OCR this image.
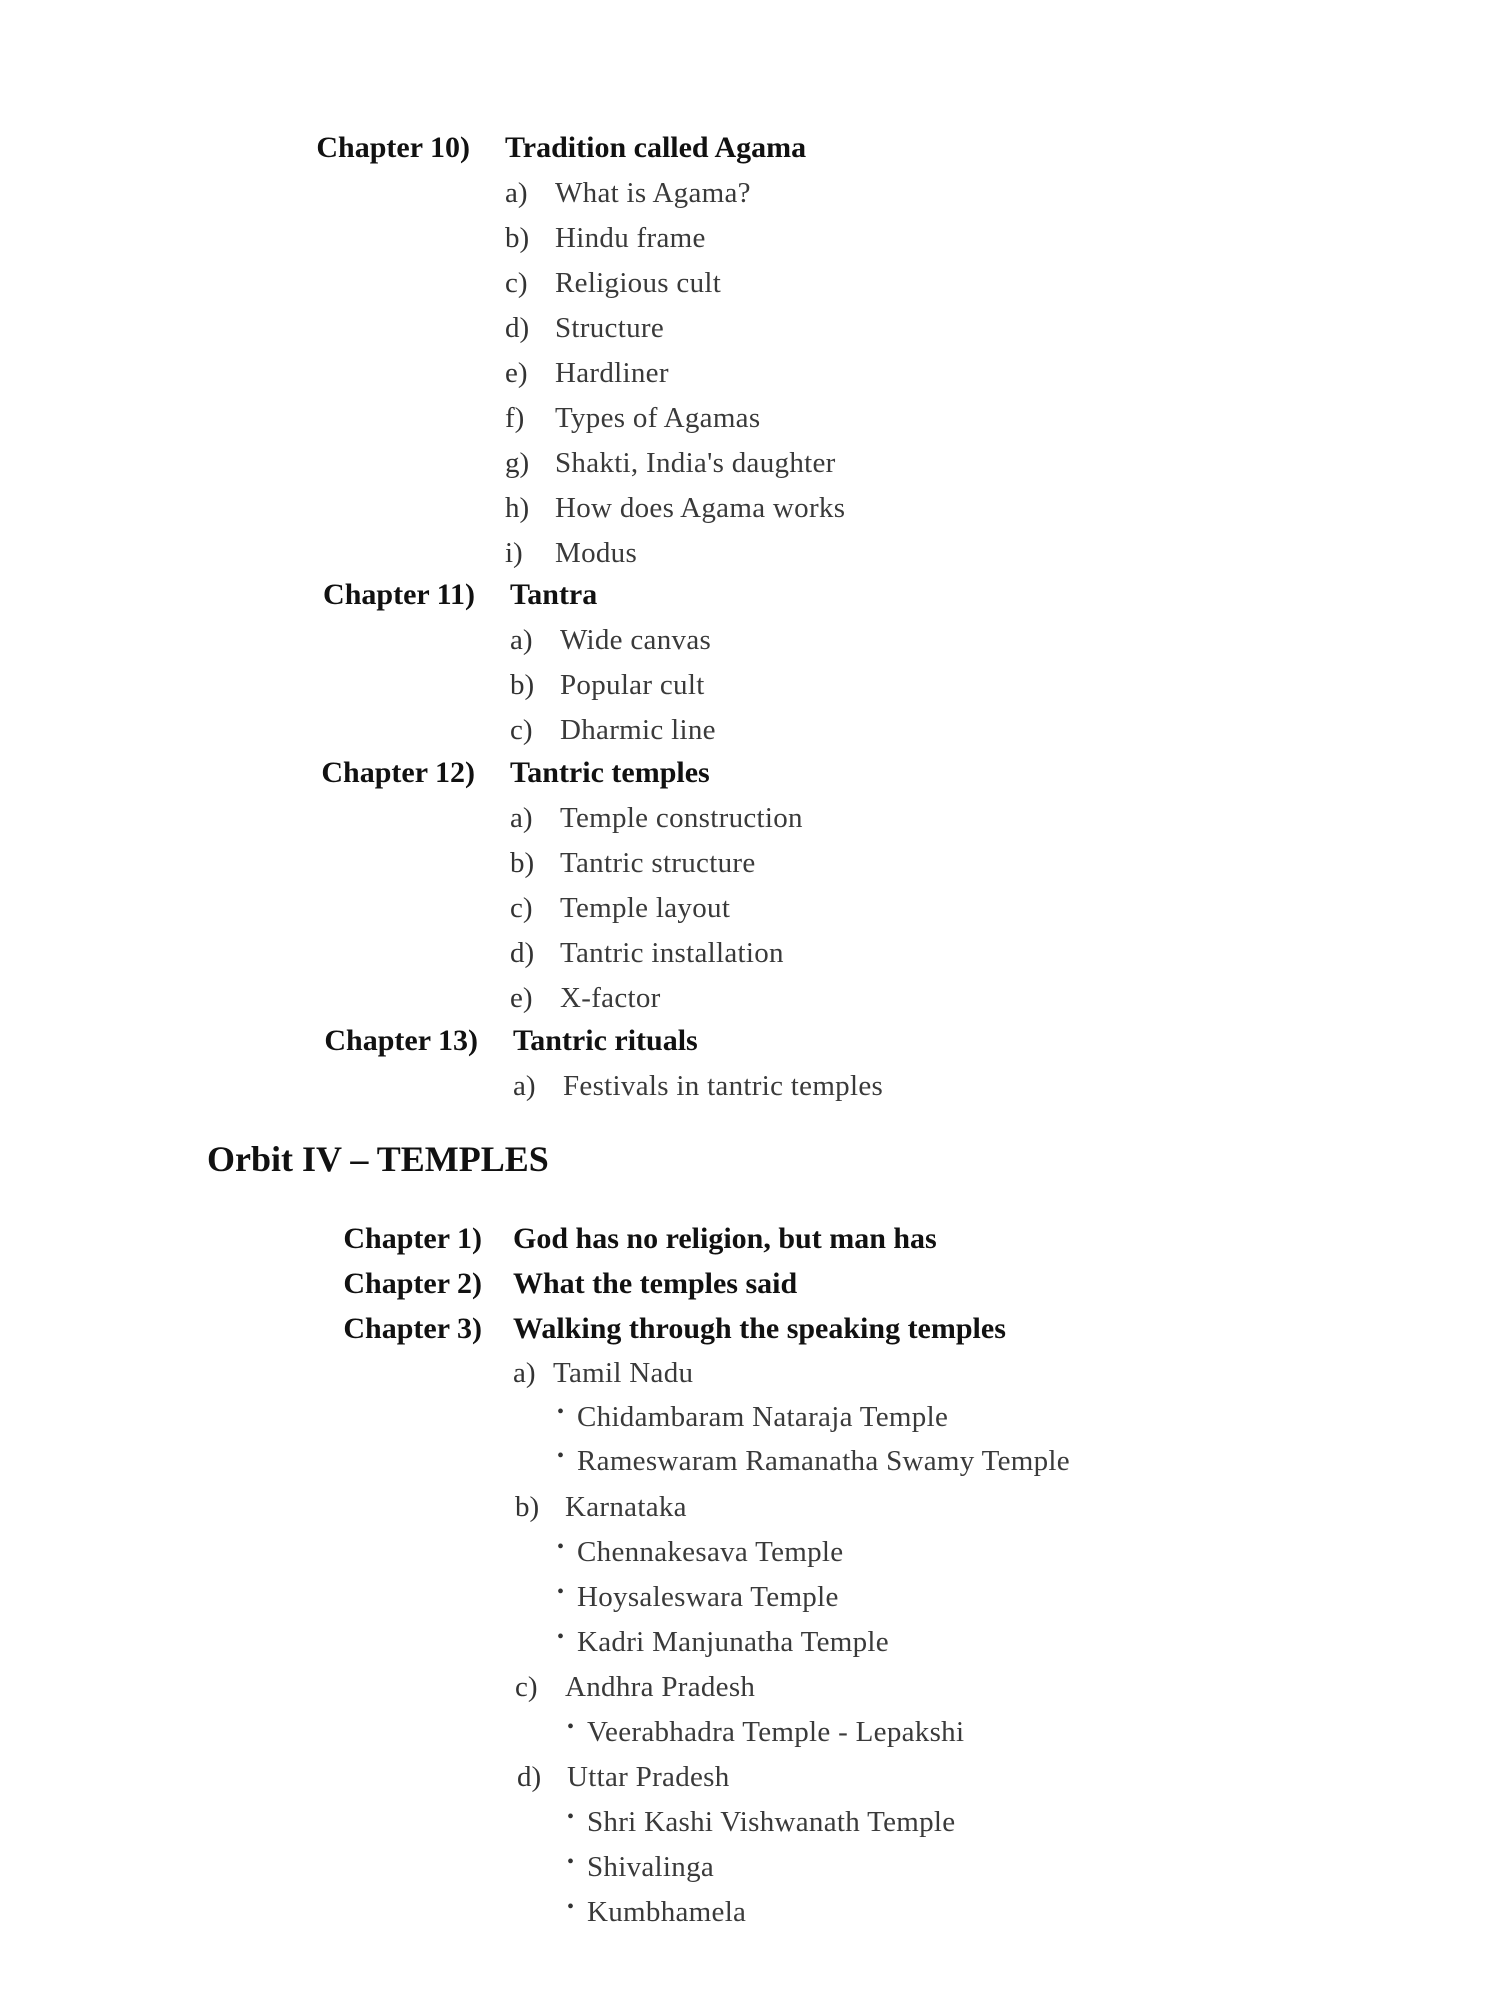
Chapter 10) Tradition called Agama
a) What is Agama?
b) Hindu frame
c) Religious cult
d) Structure
e) Hardliner
f) Types of Agamas
g) Shakti, India's daughter
h) How does Agama works
i) Modus
Chapter 11) Tantra
a) Wide canvas
b) Popular cult
c) Dharmic line
Chapter 12) Tantric temples
a) Temple construction
b) Tantric structure
c) Temple layout
d) Tantric installation
e) X-factor
Chapter 13) Tantric rituals
a) Festivals in tantric temples
Orbit IV – TEMPLES
Chapter 1) God has no religion, but man has
Chapter 2) What the temples said
Chapter 3) Walking through the speaking temples
a) Tamil Nadu
• Chidambaram Nataraja Temple
• Rameswaram Ramanatha Swamy Temple
b) Karnataka
• Chennakesava Temple
• Hoysaleswara Temple
• Kadri Manjunatha Temple
c) Andhra Pradesh
• Veerabhadra Temple - Lepakshi
d) Uttar Pradesh
• Shri Kashi Vishwanath Temple
• Shivalinga
• Kumbhamela
